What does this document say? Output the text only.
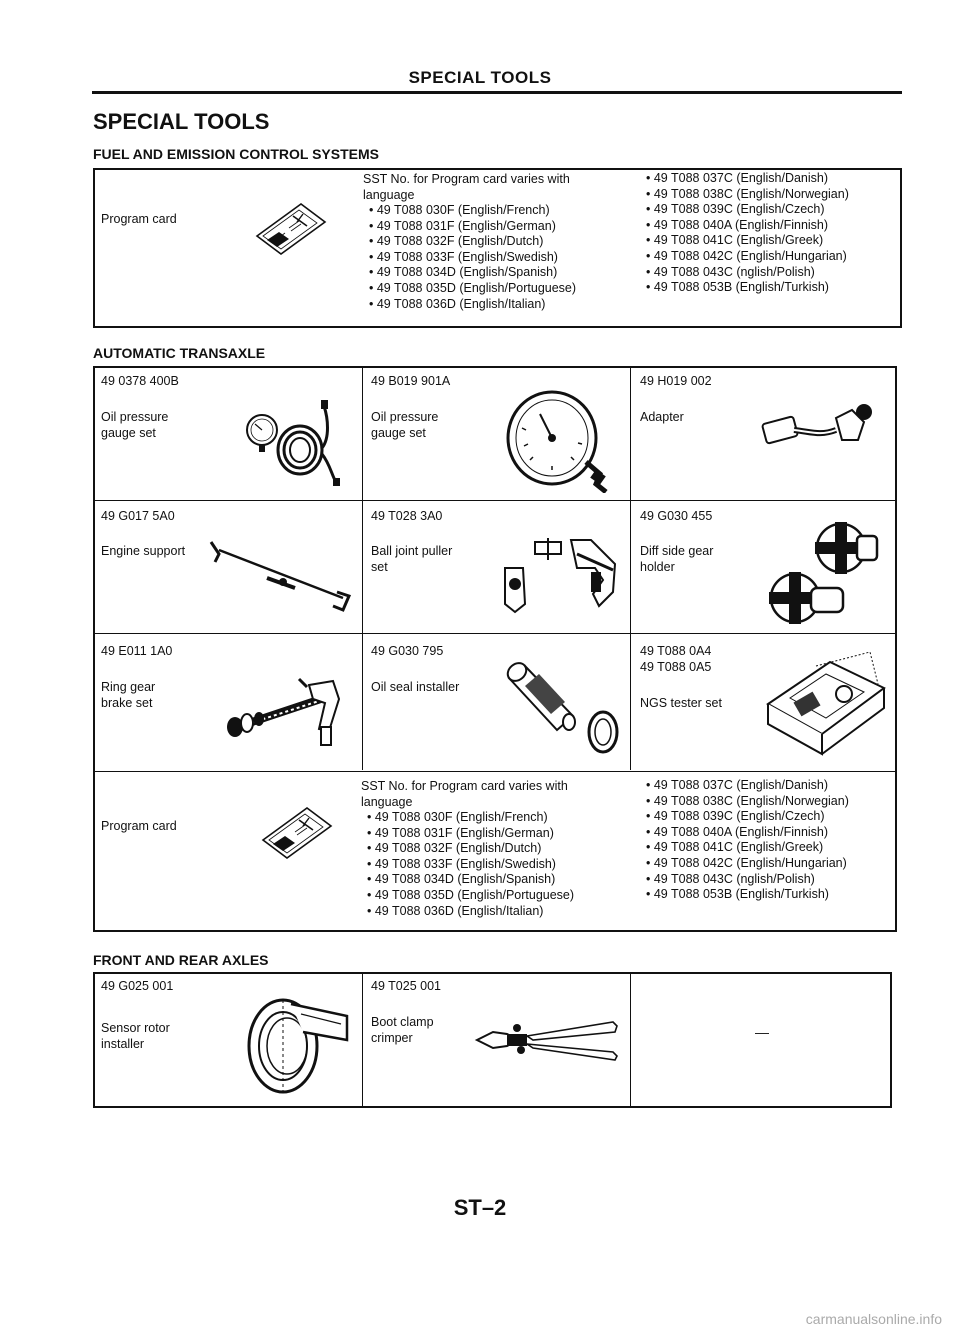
SPECIAL TOOLS
SPECIAL TOOLS
FUEL AND EMISSION CONTROL SYSTEMS
Program card
SST No. for Program card varies with
language
• 49 T088 030F (English/French)
• 49 T088 031F (English/German)
• 49 T088 032F (English/Dutch)
• 49 T088 033F (English/Swedish)
• 49 T088 034D (English/Spanish)
• 49 T088 035D (English/Portuguese)
• 49 T088 036D (English/Italian)
• 49 T088 037C (English/Danish)
• 49 T088 038C (English/Norwegian)
• 49 T088 039C (English/Czech)
• 49 T088 040A (English/Finnish)
• 49 T088 041C (English/Greek)
• 49 T088 042C (English/Hungarian)
• 49 T088 043C (nglish/Polish)
• 49 T088 053B (English/Turkish)
AUTOMATIC TRANSAXLE
49 0378 400B
Oil pressure
gauge set
49 B019 901A
Oil pressure
gauge set
49 H019 002
Adapter
49 G017 5A0
Engine support
49 T028 3A0
Ball joint puller
set
49 G030 455
Diff side gear
holder
49 E011 1A0
Ring gear
brake set
49 G030 795
Oil seal installer
49 T088 0A4
49 T088 0A5
NGS tester set
Program card
SST No. for Program card varies with
language
• 49 T088 030F (English/French)
• 49 T088 031F (English/German)
• 49 T088 032F (English/Dutch)
• 49 T088 033F (English/Swedish)
• 49 T088 034D (English/Spanish)
• 49 T088 035D (English/Portuguese)
• 49 T088 036D (English/Italian)
• 49 T088 037C (English/Danish)
• 49 T088 038C (English/Norwegian)
• 49 T088 039C (English/Czech)
• 49 T088 040A (English/Finnish)
• 49 T088 041C (English/Greek)
• 49 T088 042C (English/Hungarian)
• 49 T088 043C (nglish/Polish)
• 49 T088 053B (English/Turkish)
FRONT AND REAR AXLES
49 G025 001
Sensor rotor
installer
49 T025 001
Boot clamp
crimper	—
ST–2
carmanualsonline.info
